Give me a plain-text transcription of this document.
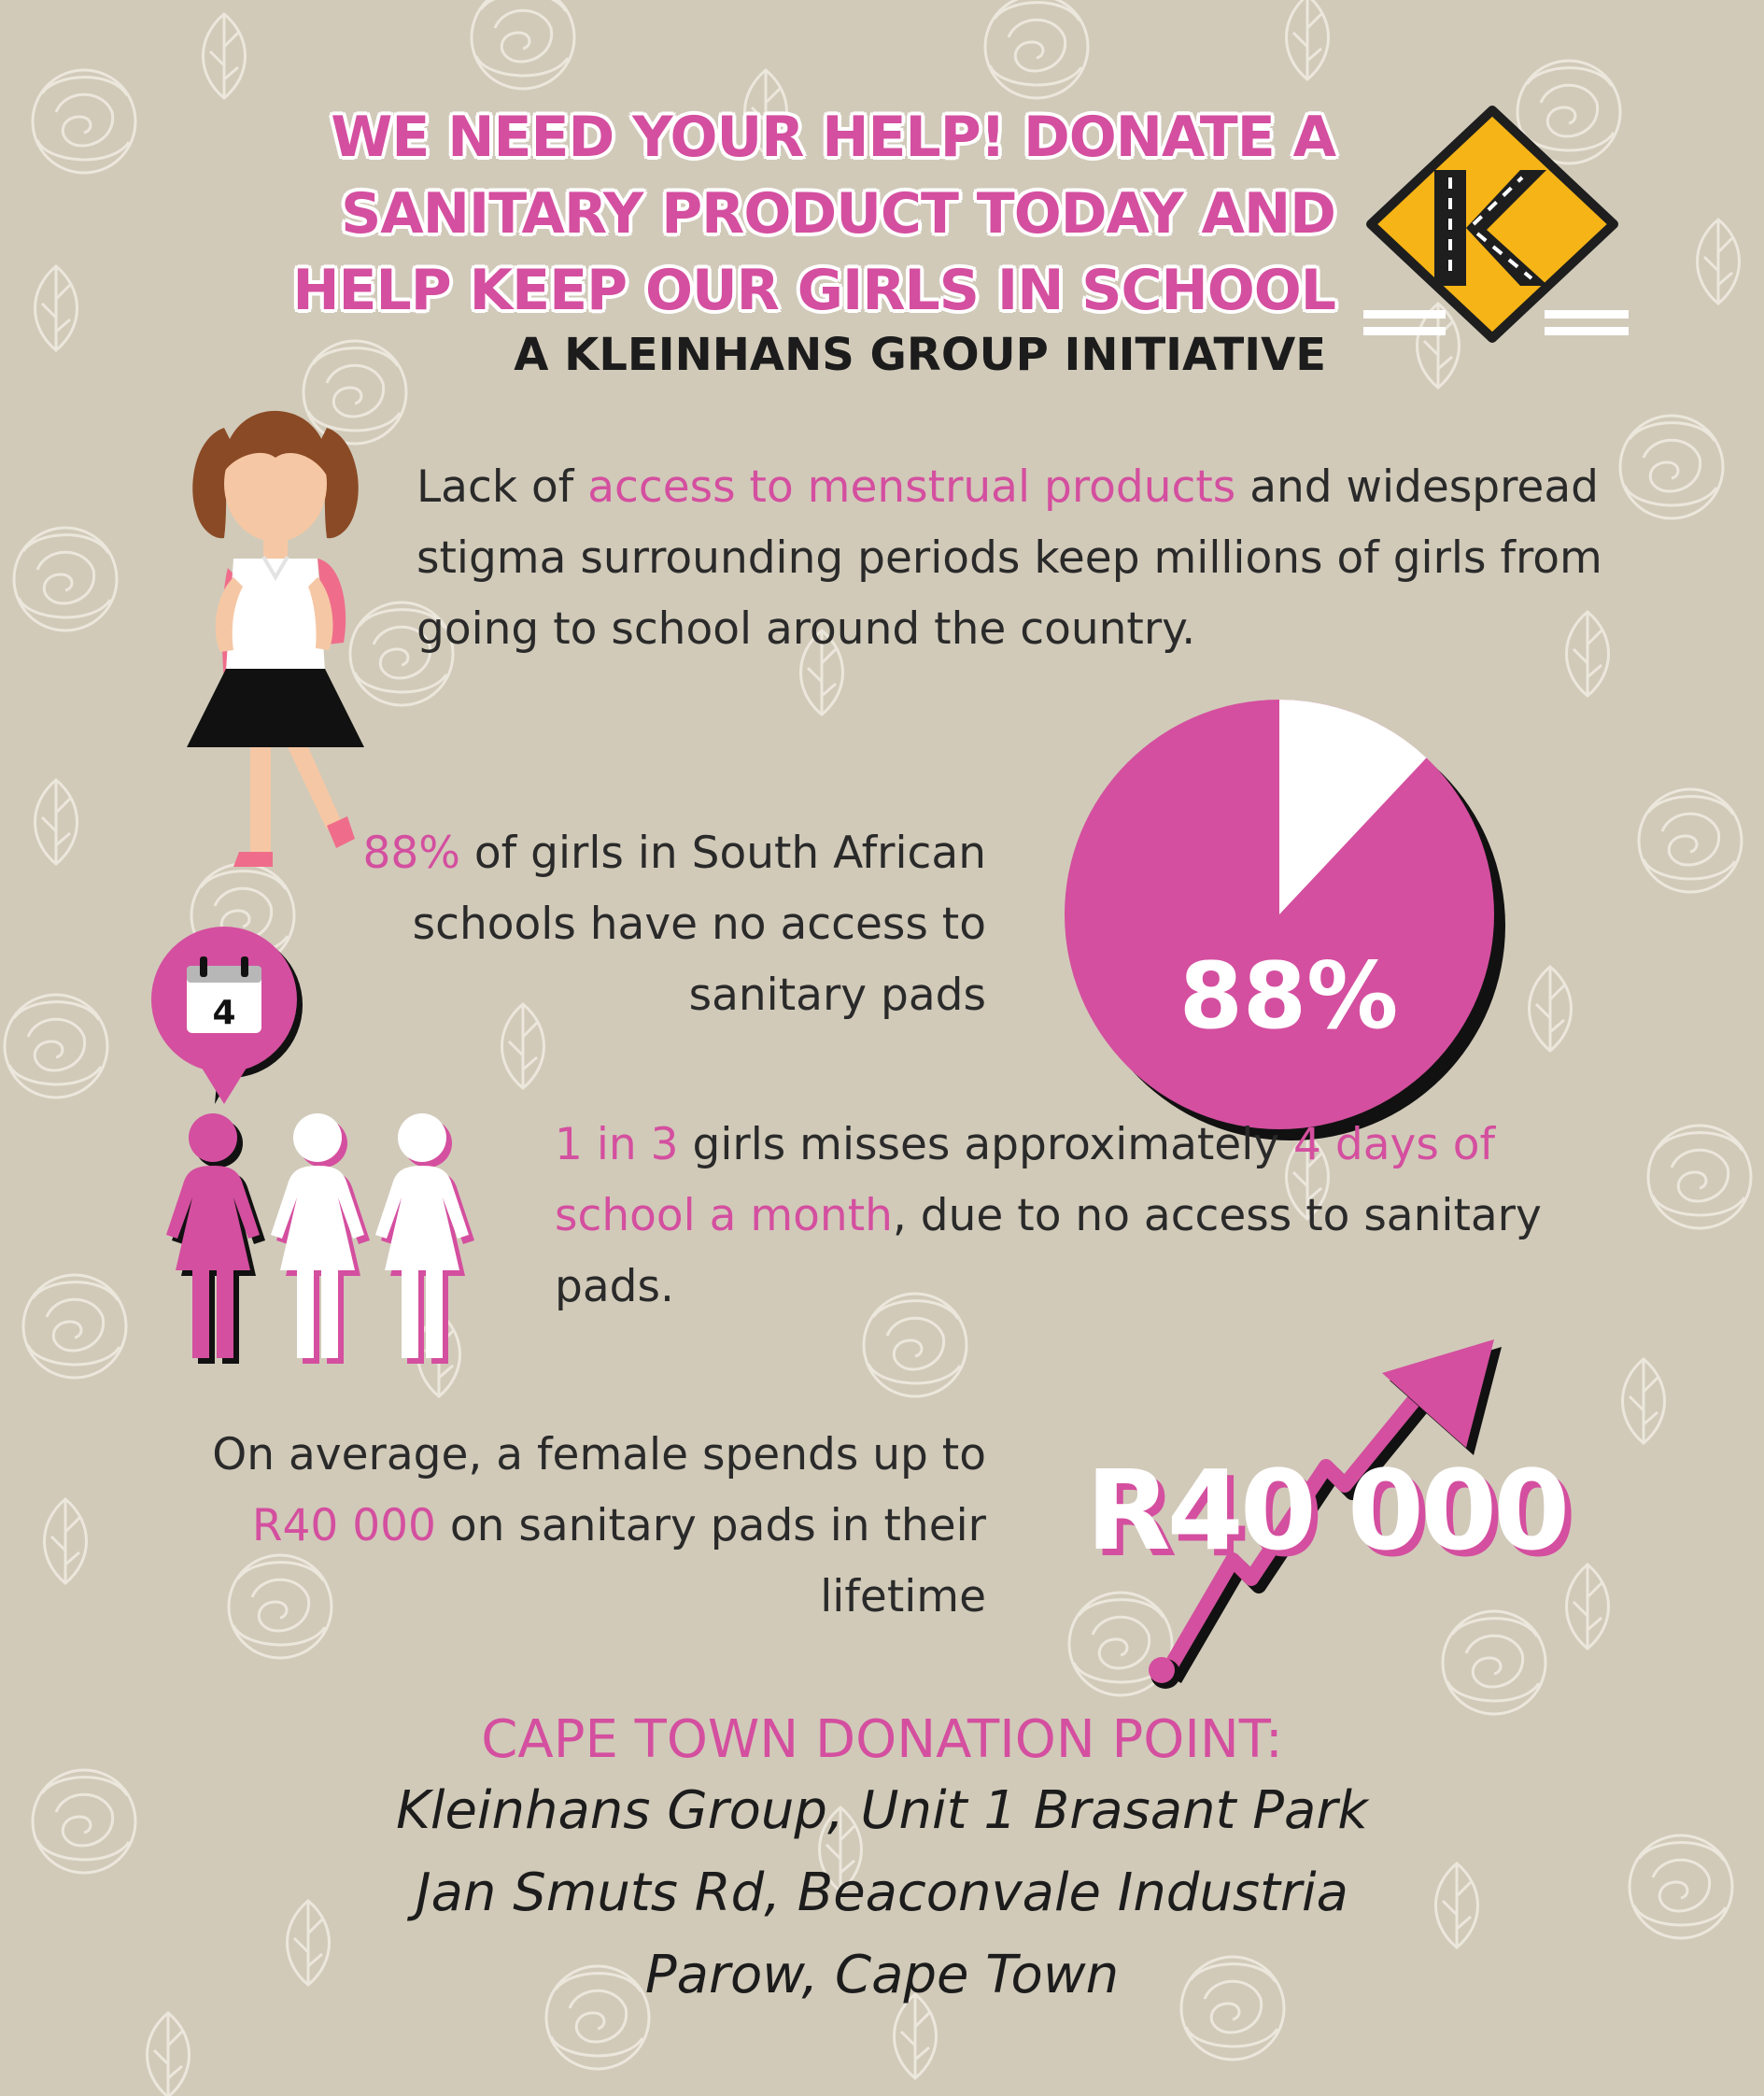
WE NEED YOUR HELP! DONATE A
SANITARY PRODUCT TODAY AND
HELP KEEP OUR GIRLS IN SCHOOL
A KLEINHANS GROUP INITIATIVE
Lack of access to menstrual products and widespread stigma surrounding periods keep millions of girls from going to school around the country.
88% of girls in South African schools have no access to sanitary pads	88%
4
1 in 3 girls misses approximately 4 days of school a month, due to no access to sanitary pads.
On average, a female spends up to R40 000 on sanitary pads in their lifetime
R40 000
CAPE TOWN DONATION POINT:
Kleinhans Group, Unit 1 Brasant Park
Jan Smuts Rd, Beaconvale Industria
Parow, Cape Town
